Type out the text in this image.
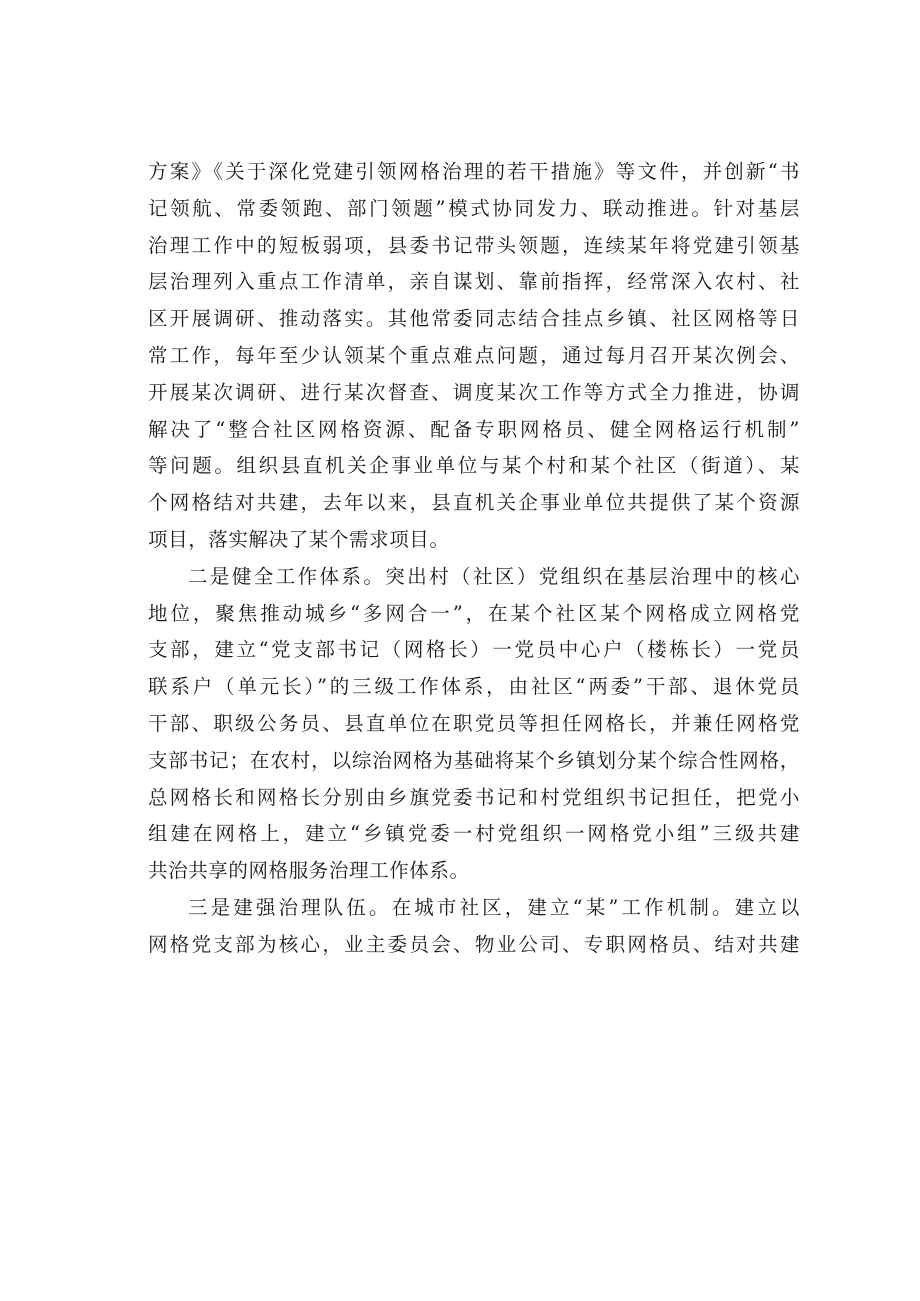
方案》《关于深化党建引领网格治理的若干措施》等文件，并创新“书
记领航、常委领跑、部门领题”模式协同发力、联动推进。针对基层
治理工作中的短板弱项，县委书记带头领题，连续某年将党建引领基
层治理列入重点工作清单，亲自谋划、靠前指挥，经常深入农村、社
区开展调研、推动落实。其他常委同志结合挂点乡镇、社区网格等日
常工作，每年至少认领某个重点难点问题，通过每月召开某次例会、
开展某次调研、进行某次督查、调度某次工作等方式全力推进，协调
解决了“整合社区网格资源、配备专职网格员、健全网格运行机制”
等问题。组织县直机关企事业单位与某个村和某个社区（街道）、某
个网格结对共建，去年以来，县直机关企事业单位共提供了某个资源
项目，落实解决了某个需求项目。
二是健全工作体系。突出村（社区）党组织在基层治理中的核心
地位，聚焦推动城乡“多网合一”，在某个社区某个网格成立网格党
支部，建立“党支部书记（网格长）一党员中心户（楼栋长）一党员
联系户（单元长）”的三级工作体系，由社区“两委”干部、退休党员
干部、职级公务员、县直单位在职党员等担任网格长，并兼任网格党
支部书记；在农村，以综治网格为基础将某个乡镇划分某个综合性网格，
总网格长和网格长分别由乡旗党委书记和村党组织书记担任，把党小
组建在网格上，建立“乡镇党委一村党组织一网格党小组”三级共建
共治共享的网格服务治理工作体系。
三是建强治理队伍。在城市社区，建立“某”工作机制。建立以
网格党支部为核心，业主委员会、物业公司、专职网格员、结对共建
